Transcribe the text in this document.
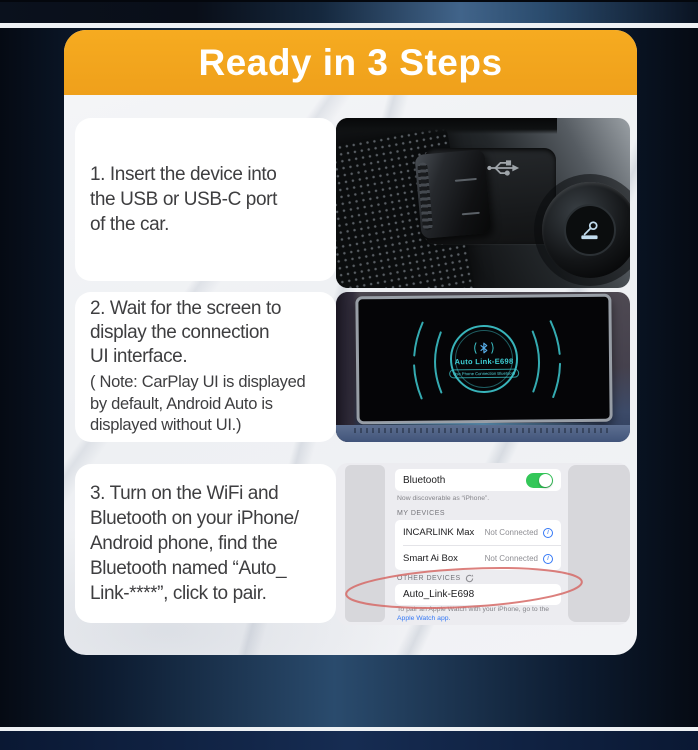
Ready in 3 Steps
1. Insert the device into
the USB or USB-C port
of the car.
2. Wait for the screen to
display the connection
UI interface.
( Note: CarPlay UI is displayed
by default, Android Auto is
displayed without UI.)
Auto Link-E698
Use Phone Connection Bluetooth
3. Turn on the WiFi and
Bluetooth on your iPhone/
Android phone, find the
Bluetooth named “Auto_
Link-****”, click to pair.
Bluetooth
Now discoverable as “iPhone”.
MY DEVICES
INCARLINK Max	Not Connected
i
Smart Ai Box	Not Connected
i
OTHER DEVICES
Auto_Link-E698
To pair an Apple Watch with your iPhone, go to the Apple Watch app.
